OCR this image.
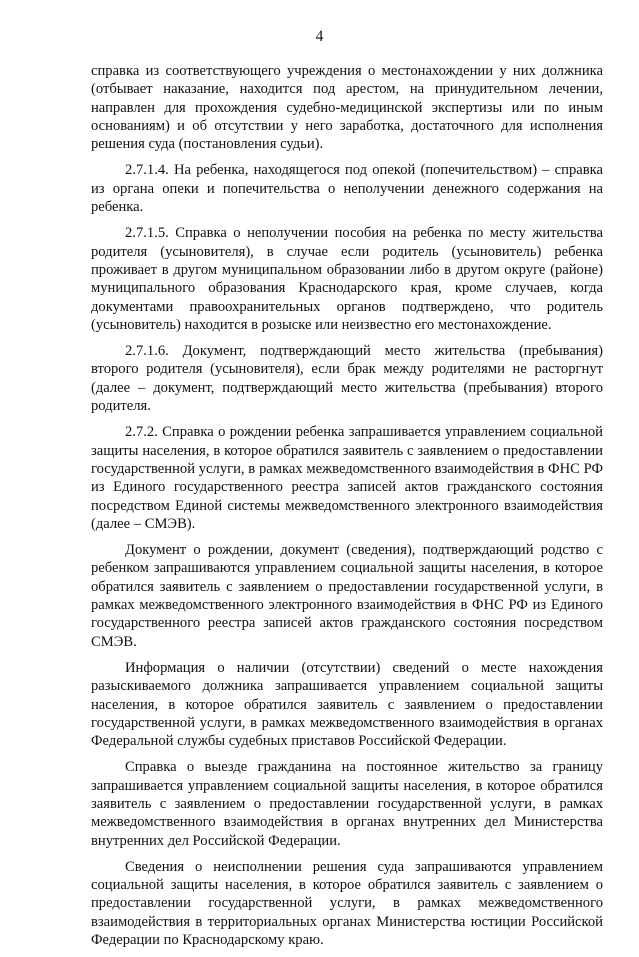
4

справка из соответствующего учреждения о местонахождении у них должника (отбывает наказание, находится под арестом, на принудительном лечении, направлен для прохождения судебно-медицинской экспертизы или по иным основаниям) и об отсутствии у него заработка, достаточного для исполнения решения суда (постановления судьи).

2.7.1.4. На ребенка, находящегося под опекой (попечительством) – справка из органа опеки и попечительства о неполучении денежного содержания на ребенка.

2.7.1.5. Справка о неполучении пособия на ребенка по месту жительства родителя (усыновителя), в случае если родитель (усыновитель) ребенка проживает в другом муниципальном образовании либо в другом округе (районе) муниципального образования Краснодарского края, кроме случаев, когда документами правоохранительных органов подтверждено, что родитель (усыновитель) находится в розыске или неизвестно его местонахождение.

2.7.1.6. Документ, подтверждающий место жительства (пребывания) второго родителя (усыновителя), если брак между родителями не расторгнут (далее – документ, подтверждающий место жительства (пребывания) второго родителя.

2.7.2. Справка о рождении ребенка запрашивается управлением социальной защиты населения, в которое обратился заявитель с заявлением о предоставлении государственной услуги, в рамках межведомственного взаимодействия в ФНС РФ из Единого государственного реестра записей актов гражданского состояния посредством Единой системы межведомственного электронного взаимодействия (далее – СМЭВ).

Документ о рождении, документ (сведения), подтверждающий родство с ребенком запрашиваются управлением социальной защиты населения, в которое обратился заявитель с заявлением о предоставлении государственной услуги, в рамках межведомственного электронного взаимодействия в ФНС РФ из Единого государственного реестра записей актов гражданского состояния посредством СМЭВ.

Информация о наличии (отсутствии) сведений о месте нахождения разыскиваемого должника запрашивается управлением социальной защиты населения, в которое обратился заявитель с заявлением о предоставлении государственной услуги, в рамках межведомственного взаимодействия в органах Федеральной службы судебных приставов Российской Федерации.

Справка о выезде гражданина на постоянное жительство за границу запрашивается управлением социальной защиты населения, в которое обратился заявитель с заявлением о предоставлении государственной услуги, в рамках межведомственного взаимодействия в органах внутренних дел Министерства внутренних дел Российской Федерации.

Сведения о неисполнении решения суда запрашиваются управлением социальной защиты населения, в которое обратился заявитель с заявлением о предоставлении государственной услуги, в рамках межведомственного взаимодействия в территориальных органах Министерства юстиции Российской Федерации по Краснодарскому краю.
